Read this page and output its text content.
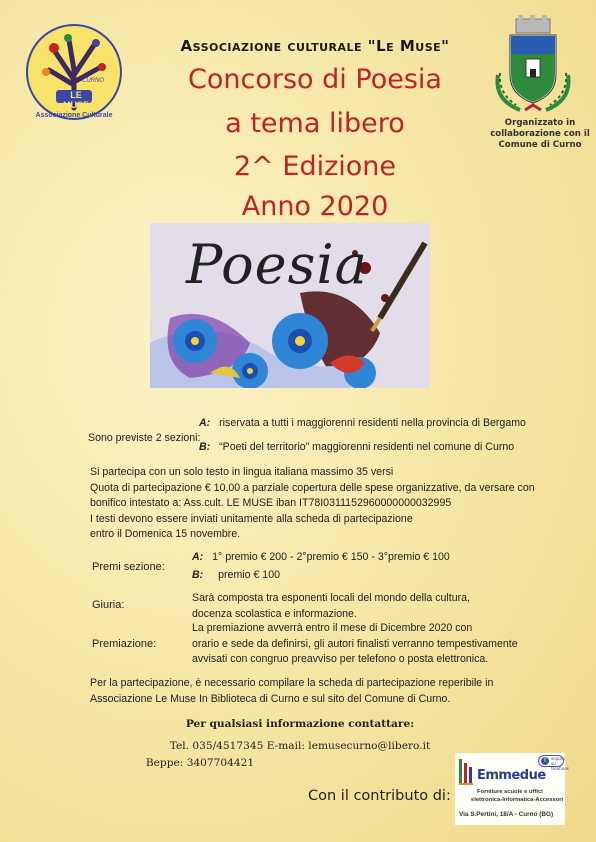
CURNO
LE MUSE
Associazione Culturale
Associazione culturale "Le Muse"
Concorso di Poesia
a tema libero
2^ Edizione
Anno 2020
Organizzato in
collaborazione con il
Comune di Curno
Poesia
Sono previste 2 sezioni:
A: riservata a tutti i maggiorenni residenti nella provincia di Bergamo
B: “Poeti del territorio” maggiorenni residenti nel comune di Curno

Si partecipa con un solo testo in lingua italiana massimo 35 versi

Quota di partecipazione € 10,00 a parziale copertura delle spese organizzative, da versare con

bonifico intestato a: Ass.cult. LE MUSE iban IT78I0311152960000000032995

I testi devono essere inviati unitamente alla scheda di partecipazione

entro il Domenica 15 novembre.

Premi sezione:
A: 1° premio € 200 - 2°premio € 150 - 3°premio € 100
B: premio € 100
Giuria:

Sarà composta tra esponenti locali del mondo della cultura,

docenza scolastica e informazione.

Premiazione:

La premiazione avverrà entro il mese di Dicembre 2020 con

orario e sede da definirsi, gli autori finalisti verranno tempestivamente

avvisati con congruo preavviso per telefono o posta elettronica.

Per la partecipazione, è necessario compilare la scheda di partecipazione reperibile in

Associazione Le Muse In Biblioteca di Curno e sul sito del Comune di Curno.

Per qualsiasi informazione contattare:
Tel. 035/4517345 E-mail: lemusecurno@libero.it
Beppe: 3407704421
Con il contributo di:
f	seguici su facebook
Emmedue
Forniture scuole e uffici
elettronica-Informatica-Accessori
Via S.Pertini, 18/A - Curno (BG)
